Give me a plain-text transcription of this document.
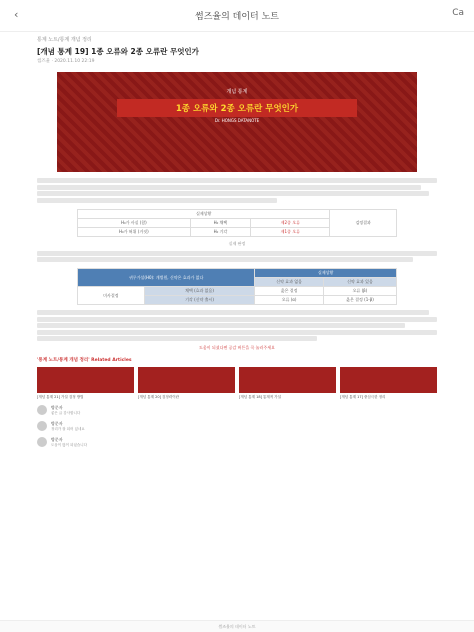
‹	썸즈율의 데이터 노트	Ca
통계 노트/통계 개념 정리
[개념 통계 19] 1종 오류와 2종 오류란 무엇인가
썸즈율 · 2020.11.10 22:19
개념 통계
1종 오류와 2종 오류란 무엇인가
Dr. HONGS DATANOTE
실제상황			검정결과
H₀가 사실 (참)	H₀ 채택	제2종 오류	
H₀가 허위 (거짓)	H₀ 기각	제1종 오류	
실제 판정
귀무가설(H0): 개별원, 신약은 효과가 없다		실제상황	
		신약 효과 없음	신약 효과 있음
미사결정	채택 (효과 없음)	옳은 결정	오류 (β)
	기각 (신약 출시)	오류 (α)	옳은 결정 (1-β)
도움이 되셨다면 공감 버튼을 꾹 눌러주세요
'통계 노트/통계 개념 정리' Related Articles
[개념 통계 21] 가설 검정 방법	[개념 통계 20] 검정력이란	[개념 통계 18] 통계적 가설	[개념 통계 17] 중심극한 정리
방문자
좋은 글 감사합니다
방문자
정리가 잘 되어 있네요
방문자
도움이 많이 되었습니다
썸즈율의 데이터 노트
